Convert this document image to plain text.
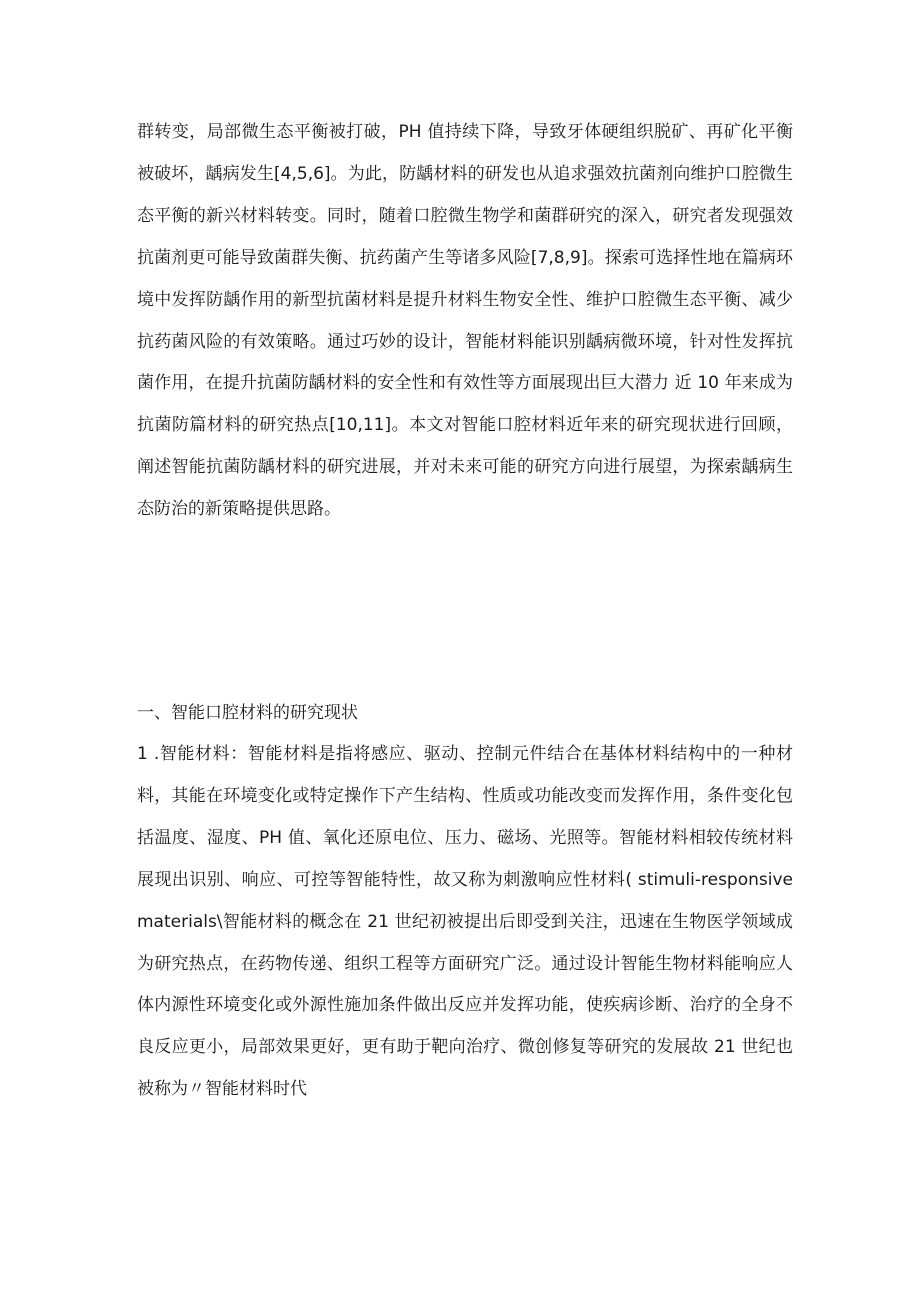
群转变，局部微生态平衡被打破，PH 值持续下降，导致牙体硬组织脱矿、再矿化平衡被破坏，龋病发生[4,5,6]。为此，防龋材料的研发也从追求强效抗菌剂向维护口腔微生态平衡的新兴材料转变。同时，随着口腔微生物学和菌群研究的深入，研究者发现强效抗菌剂更可能导致菌群失衡、抗药菌产生等诸多风险[7,8,9]。探索可选择性地在篇病环境中发挥防龋作用的新型抗菌材料是提升材料生物安全性、维护口腔微生态平衡、减少抗药菌风险的有效策略。通过巧妙的设计，智能材料能识别龋病微环境，针对性发挥抗菌作用，在提升抗菌防龋材料的安全性和有效性等方面展现出巨大潜力 近 10 年来成为抗菌防篇材料的研究热点[10,11]。本文对智能口腔材料近年来的研究现状进行回顾，阐述智能抗菌防龋材料的研究进展，并对未来可能的研究方向进行展望，为探索龋病生态防治的新策略提供思路。

一、智能口腔材料的研究现状

1 .智能材料：智能材料是指将感应、驱动、控制元件结合在基体材料结构中的一种材料，其能在环境变化或特定操作下产生结构、性质或功能改变而发挥作用，条件变化包括温度、湿度、PH 值、氧化还原电位、压力、磁场、光照等。智能材料相较传统材料展现出识别、响应、可控等智能特性，故又称为刺激响应性材料( stimuli-responsivematerials\智能材料的概念在 21 世纪初被提出后即受到关注，迅速在生物医学领域成为研究热点，在药物传递、组织工程等方面研究广泛。通过设计智能生物材料能响应人体内源性环境变化或外源性施加条件做出反应并发挥功能，使疾病诊断、治疗的全身不良反应更小，局部效果更好，更有助于靶向治疗、微创修复等研究的发展故 21 世纪也被称为〃智能材料时代
